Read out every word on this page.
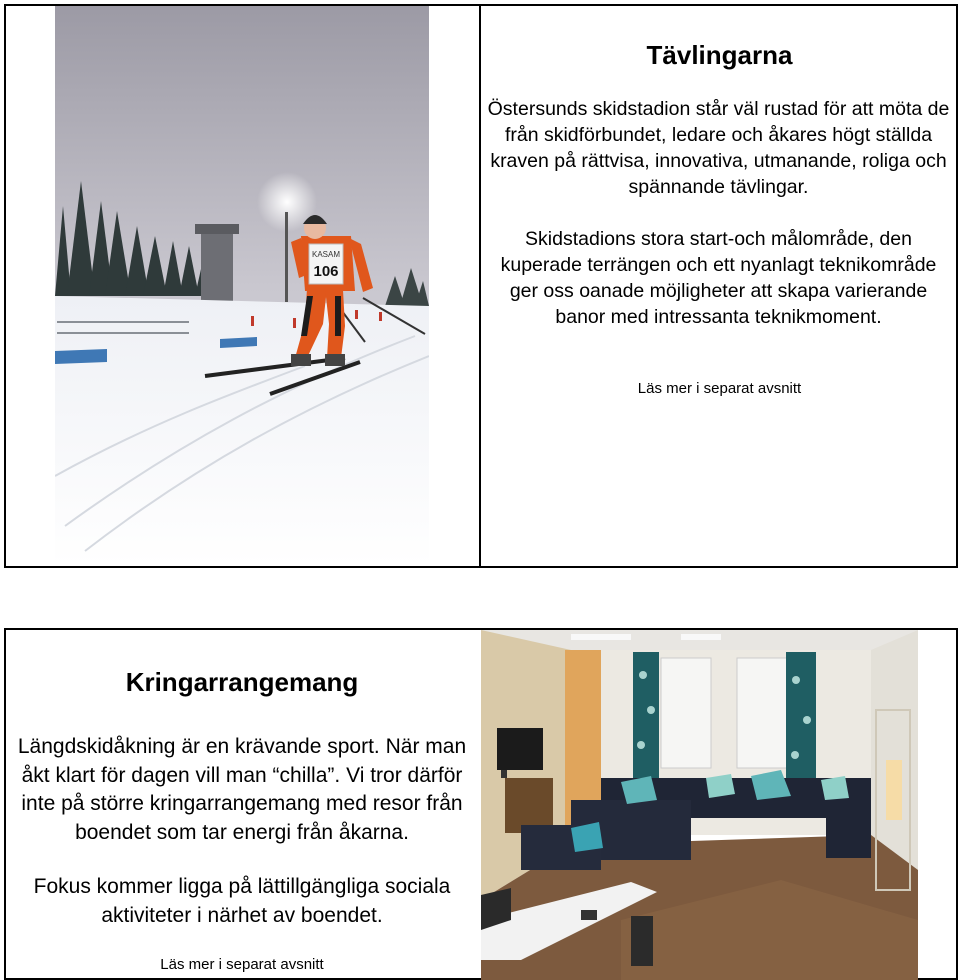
KASAM
106
Tävlingarna

Östersunds skidstadion står väl rustad för att möta de från skidförbundet, ledare och åkares högt ställda kraven på rättvisa, innovativa, utmanande, roliga och spännande tävlingar.

Skidstadions stora start-och målområde, den kuperade terrängen och ett nyanlagt teknikområde ger oss oanade möjligheter att skapa varierande banor med intressanta teknikmoment.

Läs mer i separat avsnitt

Kringarrangemang

Längdskidåkning är en krävande sport. När man åkt klart för dagen vill man “chilla”. Vi tror därför inte på större kringarrangemang med resor från boendet som tar energi från åkarna.

Fokus kommer ligga på lättillgängliga sociala aktiviteter i närhet av boendet.

Läs mer i separat avsnitt
